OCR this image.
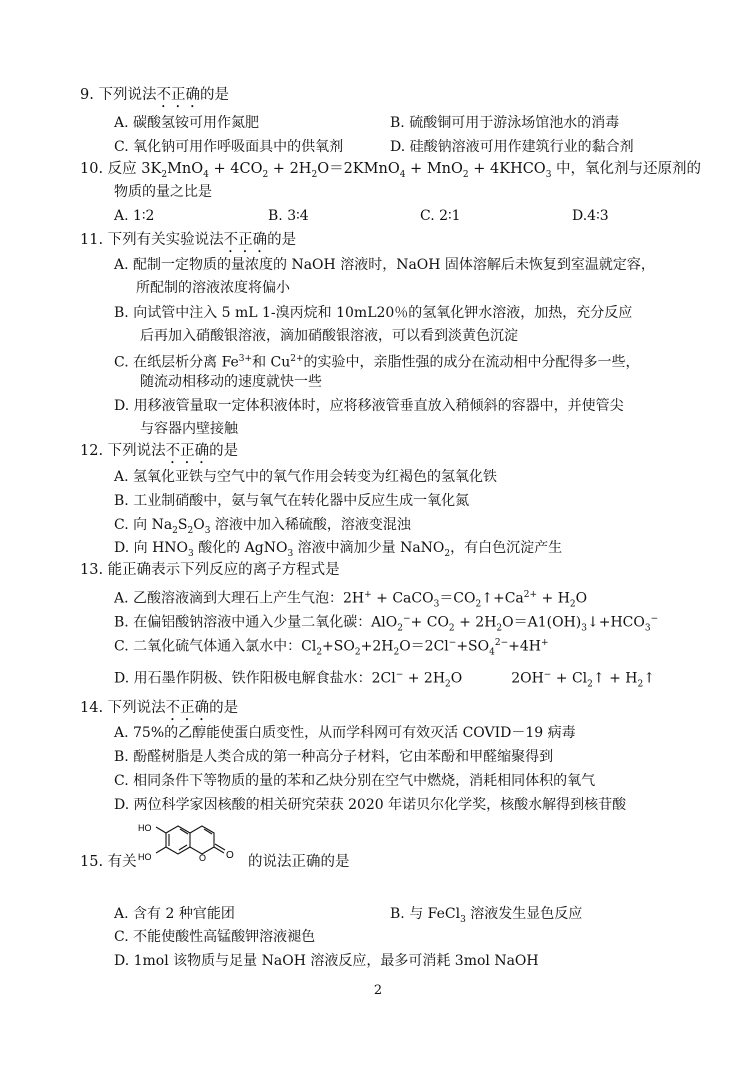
9. 下列说法不正确的是
A. 碳酸氢铵可用作氮肥	B. 硫酸铜可用于游泳场馆池水的消毒
C. 氧化钠可用作呼吸面具中的供氧剂	D. 硅酸钠溶液可用作建筑行业的黏合剂
10. 反应 $3K_2MnO_4 + 4CO_2$ + $2H_2O=2KMnO_4 + MnO_2$ + $4KHCO_3$ 中，氧化剂与还原剂的
物质的量之比是
A. 1∶2	B. 3∶4	C. 2∶1	D.4∶3
11. 下列有关实验说法不正确的是
A. 配制一定物质的量浓度的 NaOH 溶液时，NaOH 固体溶解后未恢复到室温就定容，
所配制的溶液浓度将偏小
B. 向试管中注入 5 mL 1-溴丙烷和 10mL20％的氢氧化钾水溶液，加热，充分反应
后再加入硝酸银溶液，滴加硝酸银溶液，可以看到淡黄色沉淀
C. 在纸层析分离 $Fe^{3+}$和 $Cu^{2+}$的实验中，亲脂性强的成分在流动相中分配得多一些，
随流动相移动的速度就快一些
D. 用移液管量取一定体积液体时，应将移液管垂直放入稍倾斜的容器中，并使管尖
与容器内壁接触
12. 下列说法不正确的是
A. 氢氧化亚铁与空气中的氧气作用会转变为红褐色的氢氧化铁
B. 工业制硝酸中，氨与氧气在转化器中反应生成一氧化氮
C. 向 $Na_2S_2O_3$ 溶液中加入稀硫酸，溶液变混浊
D. 向 $HNO_3$ 酸化的 AgNO$_3$ 溶液中滴加少量 NaNO$_2$，有白色沉淀产生
13. 能正确表示下列反应的离子方程式是
A. 乙酸溶液滴到大理石上产生气泡：$2H^+ + CaCO_3=CO_2↑+Ca^{2+} + H_2O$
B. 在偏铝酸钠溶液中通入少量二氧化碳：$AlO_2^-+ CO_2$ + $2H_2O=A1(OH)_3↓+HCO_3^-$
C. 二氧化硫气体通入氯水中：$Cl_2+SO_2+2H_2O=2Cl^-+SO_4^{2-}+4H^+$
D. 用石墨作阴极、铁作阳极电解食盐水：$2Cl^- + 2H_2O$           $2OH^- + Cl_2↑$ + $H_2↑$
14. 下列说法不正确的是
A. 75%的乙醇能使蛋白质变性，从而学科网可有效灭活 COVID－19 病毒
B. 酚醛树脂是人类合成的第一种高分子材料，它由苯酚和甲醛缩聚得到
C. 相同条件下等物质的量的苯和乙炔分别在空气中燃烧，消耗相同体积的氧气
D. 两位科学家因核酸的相关研究荣获 2020 年诺贝尔化学奖，核酸水解得到核苷酸
15. 有关
HO
HO	O O 的说法正确的是
A. 含有 2 种官能团	B. 与 FeCl$_3$ 溶液发生显色反应
C. 不能使酸性高锰酸钾溶液褪色
D. 1mol 该物质与足量 NaOH 溶液反应，最多可消耗 3mol NaOH
2
